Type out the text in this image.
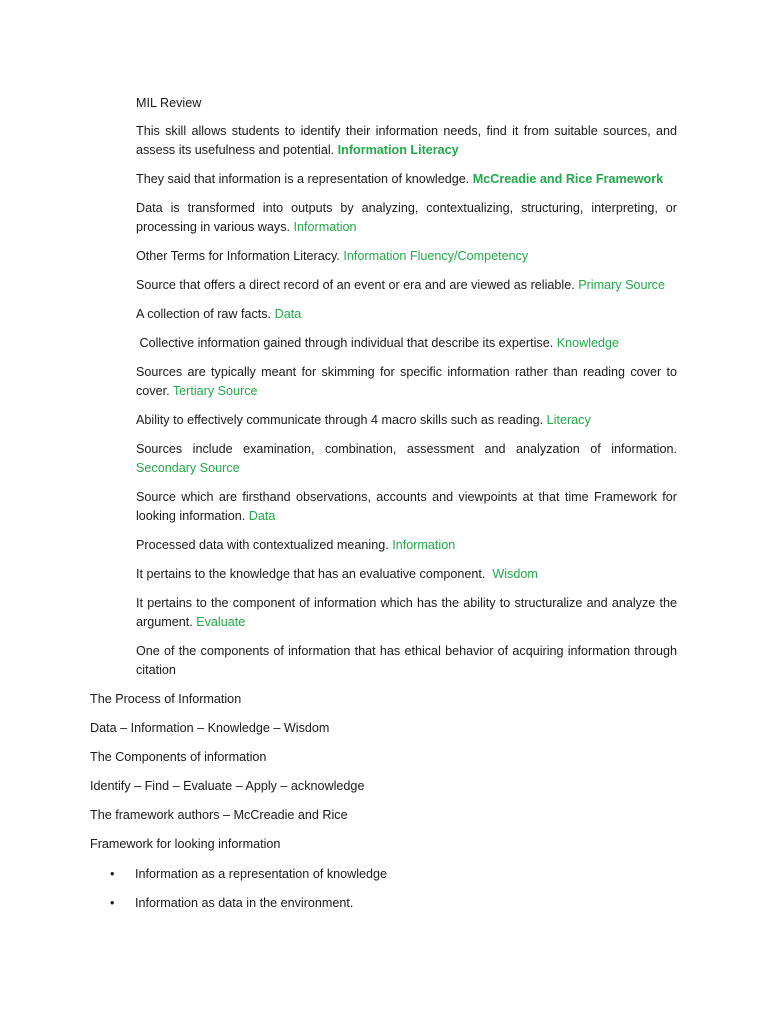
MIL Review
This skill allows students to identify their information needs, find it from suitable sources, and assess its usefulness and potential. Information Literacy
They said that information is a representation of knowledge. McCreadie and Rice Framework
Data is transformed into outputs by analyzing, contextualizing, structuring, interpreting, or processing in various ways. Information
Other Terms for Information Literacy. Information Fluency/Competency
Source that offers a direct record of an event or era and are viewed as reliable. Primary Source
A collection of raw facts. Data
Collective information gained through individual that describe its expertise. Knowledge
Sources are typically meant for skimming for specific information rather than reading cover to cover. Tertiary Source
Ability to effectively communicate through 4 macro skills such as reading. Literacy
Sources include examination, combination, assessment and analyzation of information. Secondary Source
Source which are firsthand observations, accounts and viewpoints at that time Framework for looking information. Data
Processed data with contextualized meaning. Information
It pertains to the knowledge that has an evaluative component.  Wisdom
It pertains to the component of information which has the ability to structuralize and analyze the argument. Evaluate
One of the components of information that has ethical behavior of acquiring information through citation
The Process of Information
Data – Information – Knowledge – Wisdom
The Components of information
Identify – Find – Evaluate – Apply – acknowledge
The framework authors – McCreadie and Rice
Framework for looking information
• Information as a representation of knowledge
• Information as data in the environment.
